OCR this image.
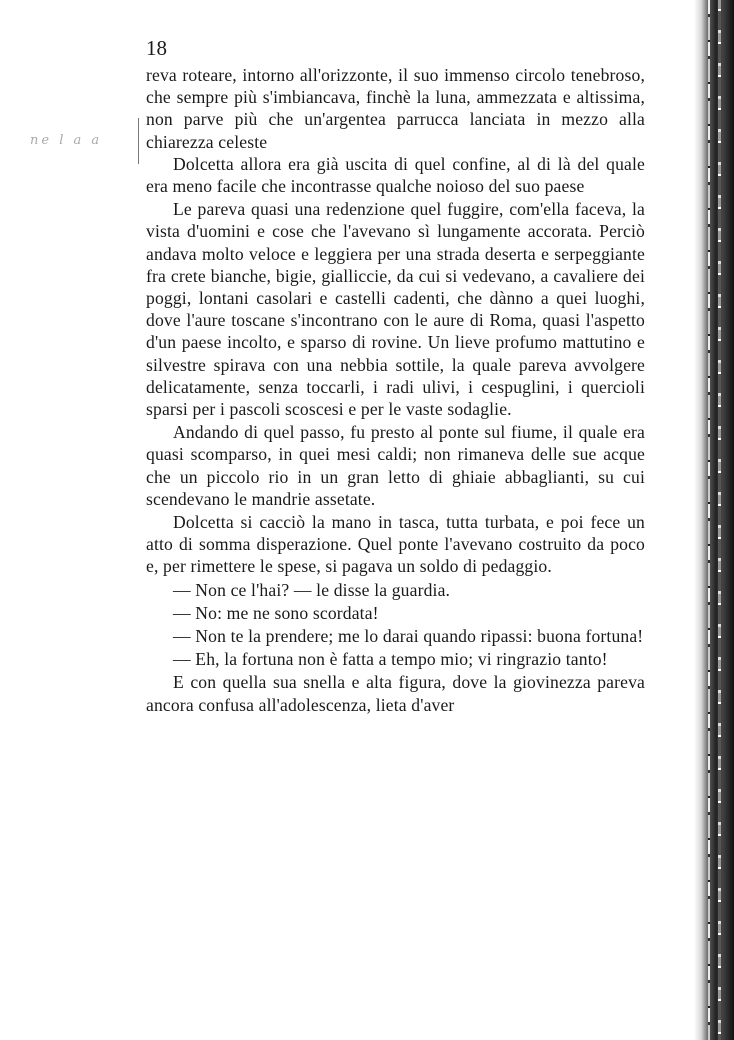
18
ne l a a

reva roteare, intorno all'orizzonte, il suo immenso circolo tenebroso, che sempre più s'imbiancava, finchè la luna, ammezzata e altissima, non parve più che un'argentea parrucca lanciata in mezzo alla chiarezza celeste

Dolcetta allora era già uscita di quel confine, al di là del quale era meno facile che incontrasse qualche noioso del suo paese

Le pareva quasi una redenzione quel fuggire, com'ella faceva, la vista d'uomini e cose che l'avevano sì lungamente accorata. Perciò andava molto veloce e leggiera per una strada deserta e serpeggiante fra crete bianche, bigie, gialliccie, da cui si vedevano, a cavaliere dei poggi, lontani casolari e castelli cadenti, che dànno a quei luoghi, dove l'aure toscane s'incontrano con le aure di Roma, quasi l'aspetto d'un paese incolto, e sparso di rovine. Un lieve profumo mattutino e silvestre spirava con una nebbia sottile, la quale pareva avvolgere delicatamente, senza toccarli, i radi ulivi, i cespuglini, i quercioli sparsi per i pascoli scoscesi e per le vaste sodaglie.

Andando di quel passo, fu presto al ponte sul fiume, il quale era quasi scomparso, in quei mesi caldi; non rimaneva delle sue acque che un piccolo rio in un gran letto di ghiaie abbaglianti, su cui scendevano le mandrie assetate.

Dolcetta si cacciò la mano in tasca, tutta turbata, e poi fece un atto di somma disperazione. Quel ponte l'avevano costruito da poco e, per rimettere le spese, si pagava un soldo di pedaggio.

— Non ce l'hai? — le disse la guardia.

— No: me ne sono scordata!

— Non te la prendere; me lo darai quando ripassi: buona fortuna!

— Eh, la fortuna non è fatta a tempo mio; vi ringrazio tanto!

E con quella sua snella e alta figura, dove la giovinezza pareva ancora confusa all'adolescenza, lieta d'aver
